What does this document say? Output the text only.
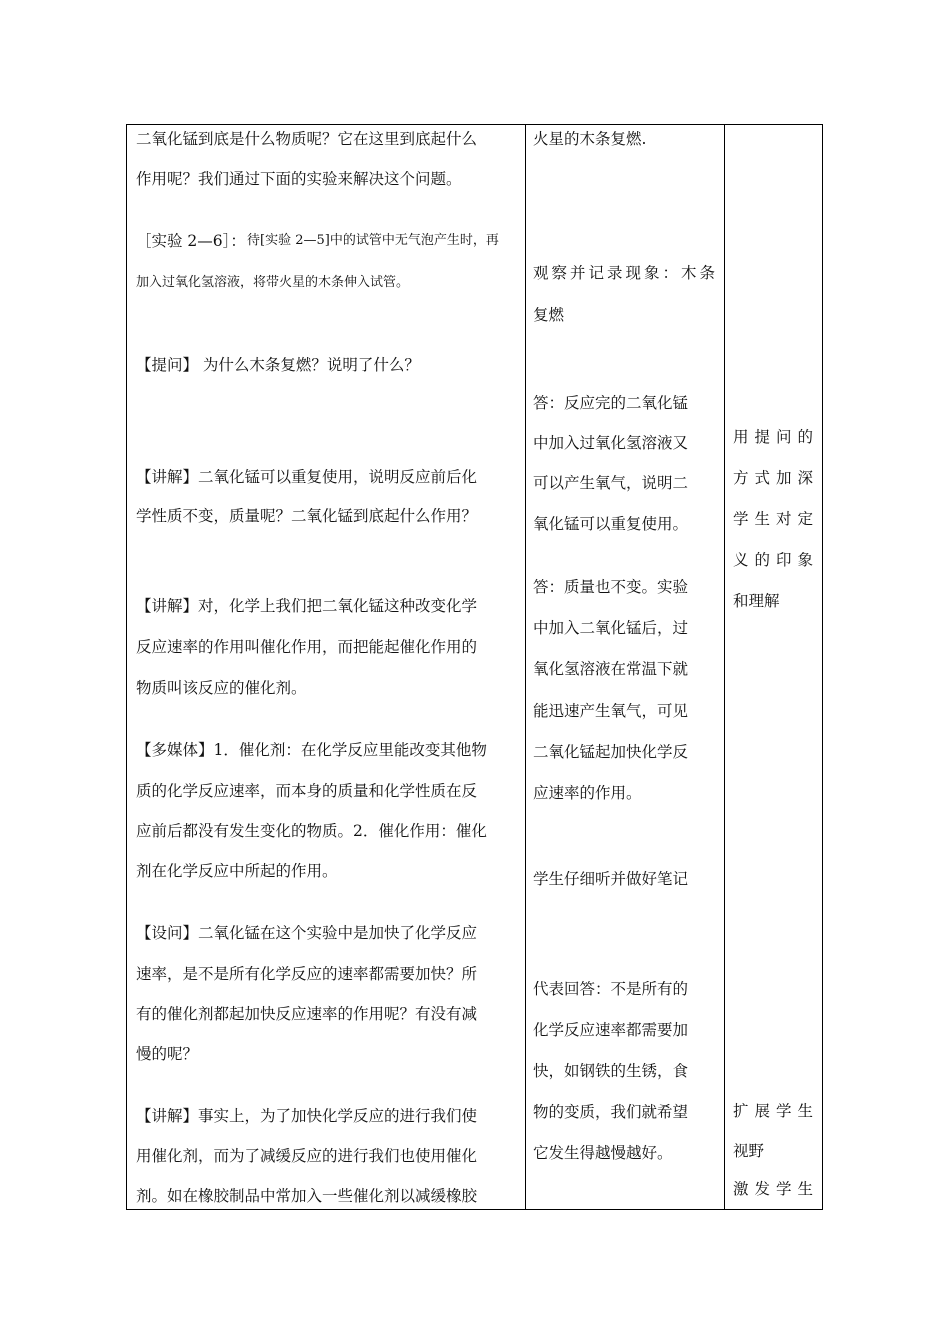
二氧化锰到底是什么物质呢？它在这里到底起什么
作用呢？我们通过下面的实验来解决这个问题。
［实验 2—6］： 待[实验 2—5]中的试管中无气泡产生时，再
加入过氧化氢溶液，将带火星的木条伸入试管。
【提问】 为什么木条复燃？说明了什么？
【讲解】二氧化锰可以重复使用，说明反应前后化
学性质不变，质量呢？二氧化锰到底起什么作用？
【讲解】对，化学上我们把二氧化锰这种改变化学
反应速率的作用叫催化作用，而把能起催化作用的
物质叫该反应的催化剂。
【多媒体】1．催化剂：在化学反应里能改变其他物
质的化学反应速率，而本身的质量和化学性质在反
应前后都没有发生变化的物质。2．催化作用：催化
剂在化学反应中所起的作用。
【设问】二氧化锰在这个实验中是加快了化学反应
速率，是不是所有化学反应的速率都需要加快？所
有的催化剂都起加快反应速率的作用呢？有没有减
慢的呢？
【讲解】事实上，为了加快化学反应的进行我们使
用催化剂，而为了减缓反应的进行我们也使用催化
剂。如在橡胶制品中常加入一些催化剂以减缓橡胶
火星的木条复燃.
观察并记录现象：木条
复燃
答：反应完的二氧化锰
中加入过氧化氢溶液又
可以产生氧气，说明二
氧化锰可以重复使用。
答：质量也不变。实验
中加入二氧化锰后，过
氧化氢溶液在常温下就
能迅速产生氧气，可见
二氧化锰起加快化学反
应速率的作用。
学生仔细听并做好笔记
代表回答：不是所有的
化学反应速率都需要加
快，如钢铁的生锈，食
物的变质，我们就希望
它发生得越慢越好。
用提问的
方式加深
学生对定
义的印象
和理解
扩展学生
视野
激发学生
